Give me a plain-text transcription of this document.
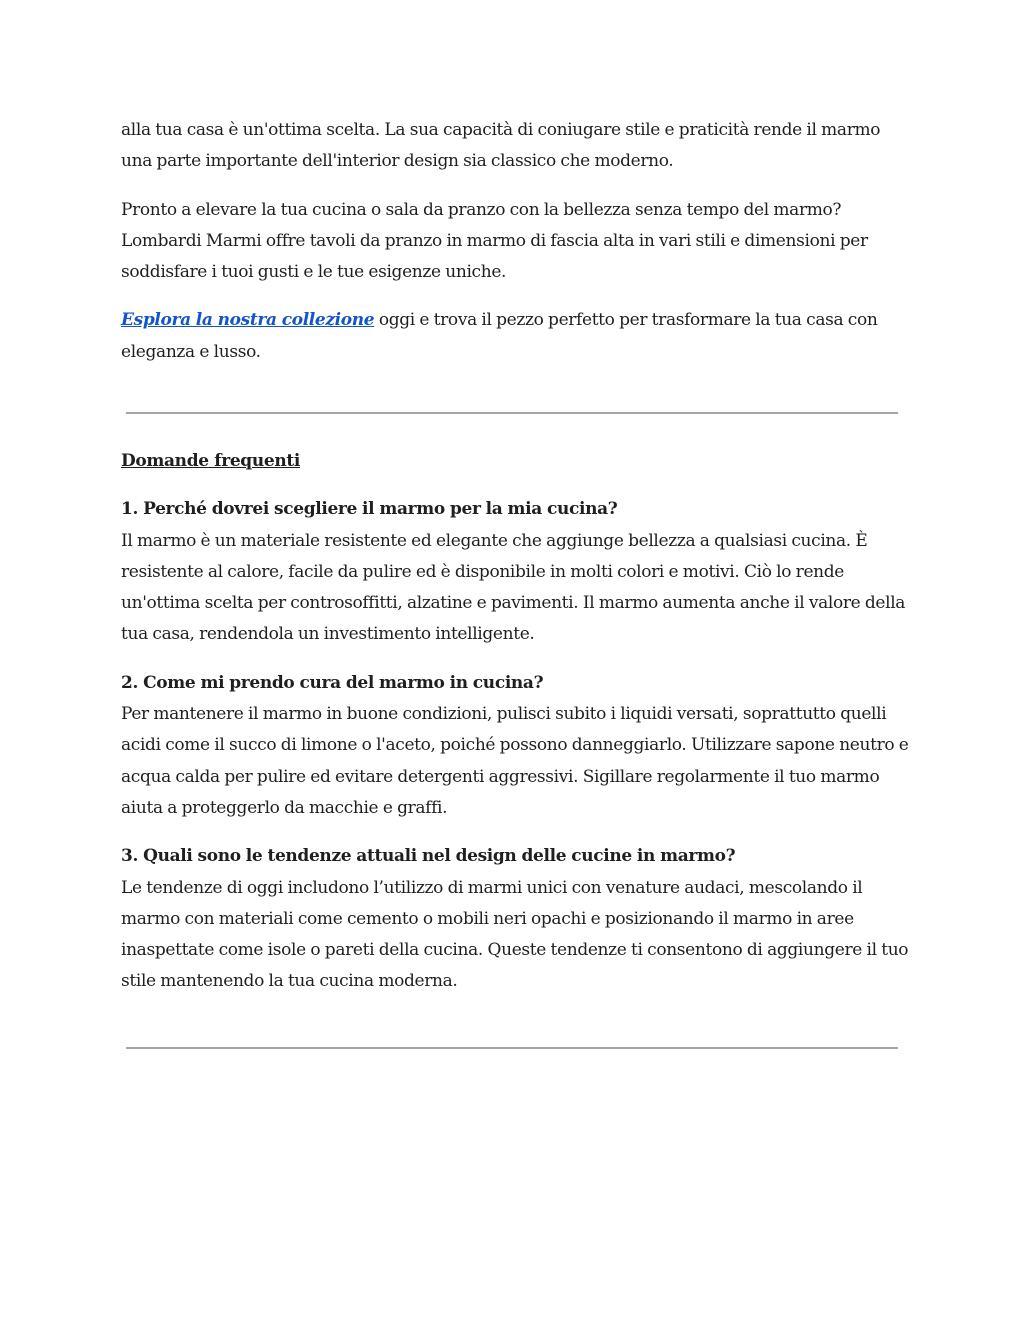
alla tua casa è un'ottima scelta. La sua capacità di coniugare stile e praticità rende il marmo una parte importante dell'interior design sia classico che moderno.

Pronto a elevare la tua cucina o sala da pranzo con la bellezza senza tempo del marmo? Lombardi Marmi offre tavoli da pranzo in marmo di fascia alta in vari stili e dimensioni per soddisfare i tuoi gusti e le tue esigenze uniche.

Esplora la nostra collezione oggi e trova il pezzo perfetto per trasformare la tua casa con eleganza e lusso.

Domande frequenti
1. Perché dovrei scegliere il marmo per la mia cucina?
Il marmo è un materiale resistente ed elegante che aggiunge bellezza a qualsiasi cucina. È resistente al calore, facile da pulire ed è disponibile in molti colori e motivi. Ciò lo rende un'ottima scelta per controsoffitti, alzatine e pavimenti. Il marmo aumenta anche il valore della tua casa, rendendola un investimento intelligente.
2. Come mi prendo cura del marmo in cucina?
Per mantenere il marmo in buone condizioni, pulisci subito i liquidi versati, soprattutto quelli acidi come il succo di limone o l'aceto, poiché possono danneggiarlo. Utilizzare sapone neutro e acqua calda per pulire ed evitare detergenti aggressivi. Sigillare regolarmente il tuo marmo aiuta a proteggerlo da macchie e graffi.
3. Quali sono le tendenze attuali nel design delle cucine in marmo?
Le tendenze di oggi includono l’utilizzo di marmi unici con venature audaci, mescolando il marmo con materiali come cemento o mobili neri opachi e posizionando il marmo in aree inaspettate come isole o pareti della cucina. Queste tendenze ti consentono di aggiungere il tuo stile mantenendo la tua cucina moderna.
